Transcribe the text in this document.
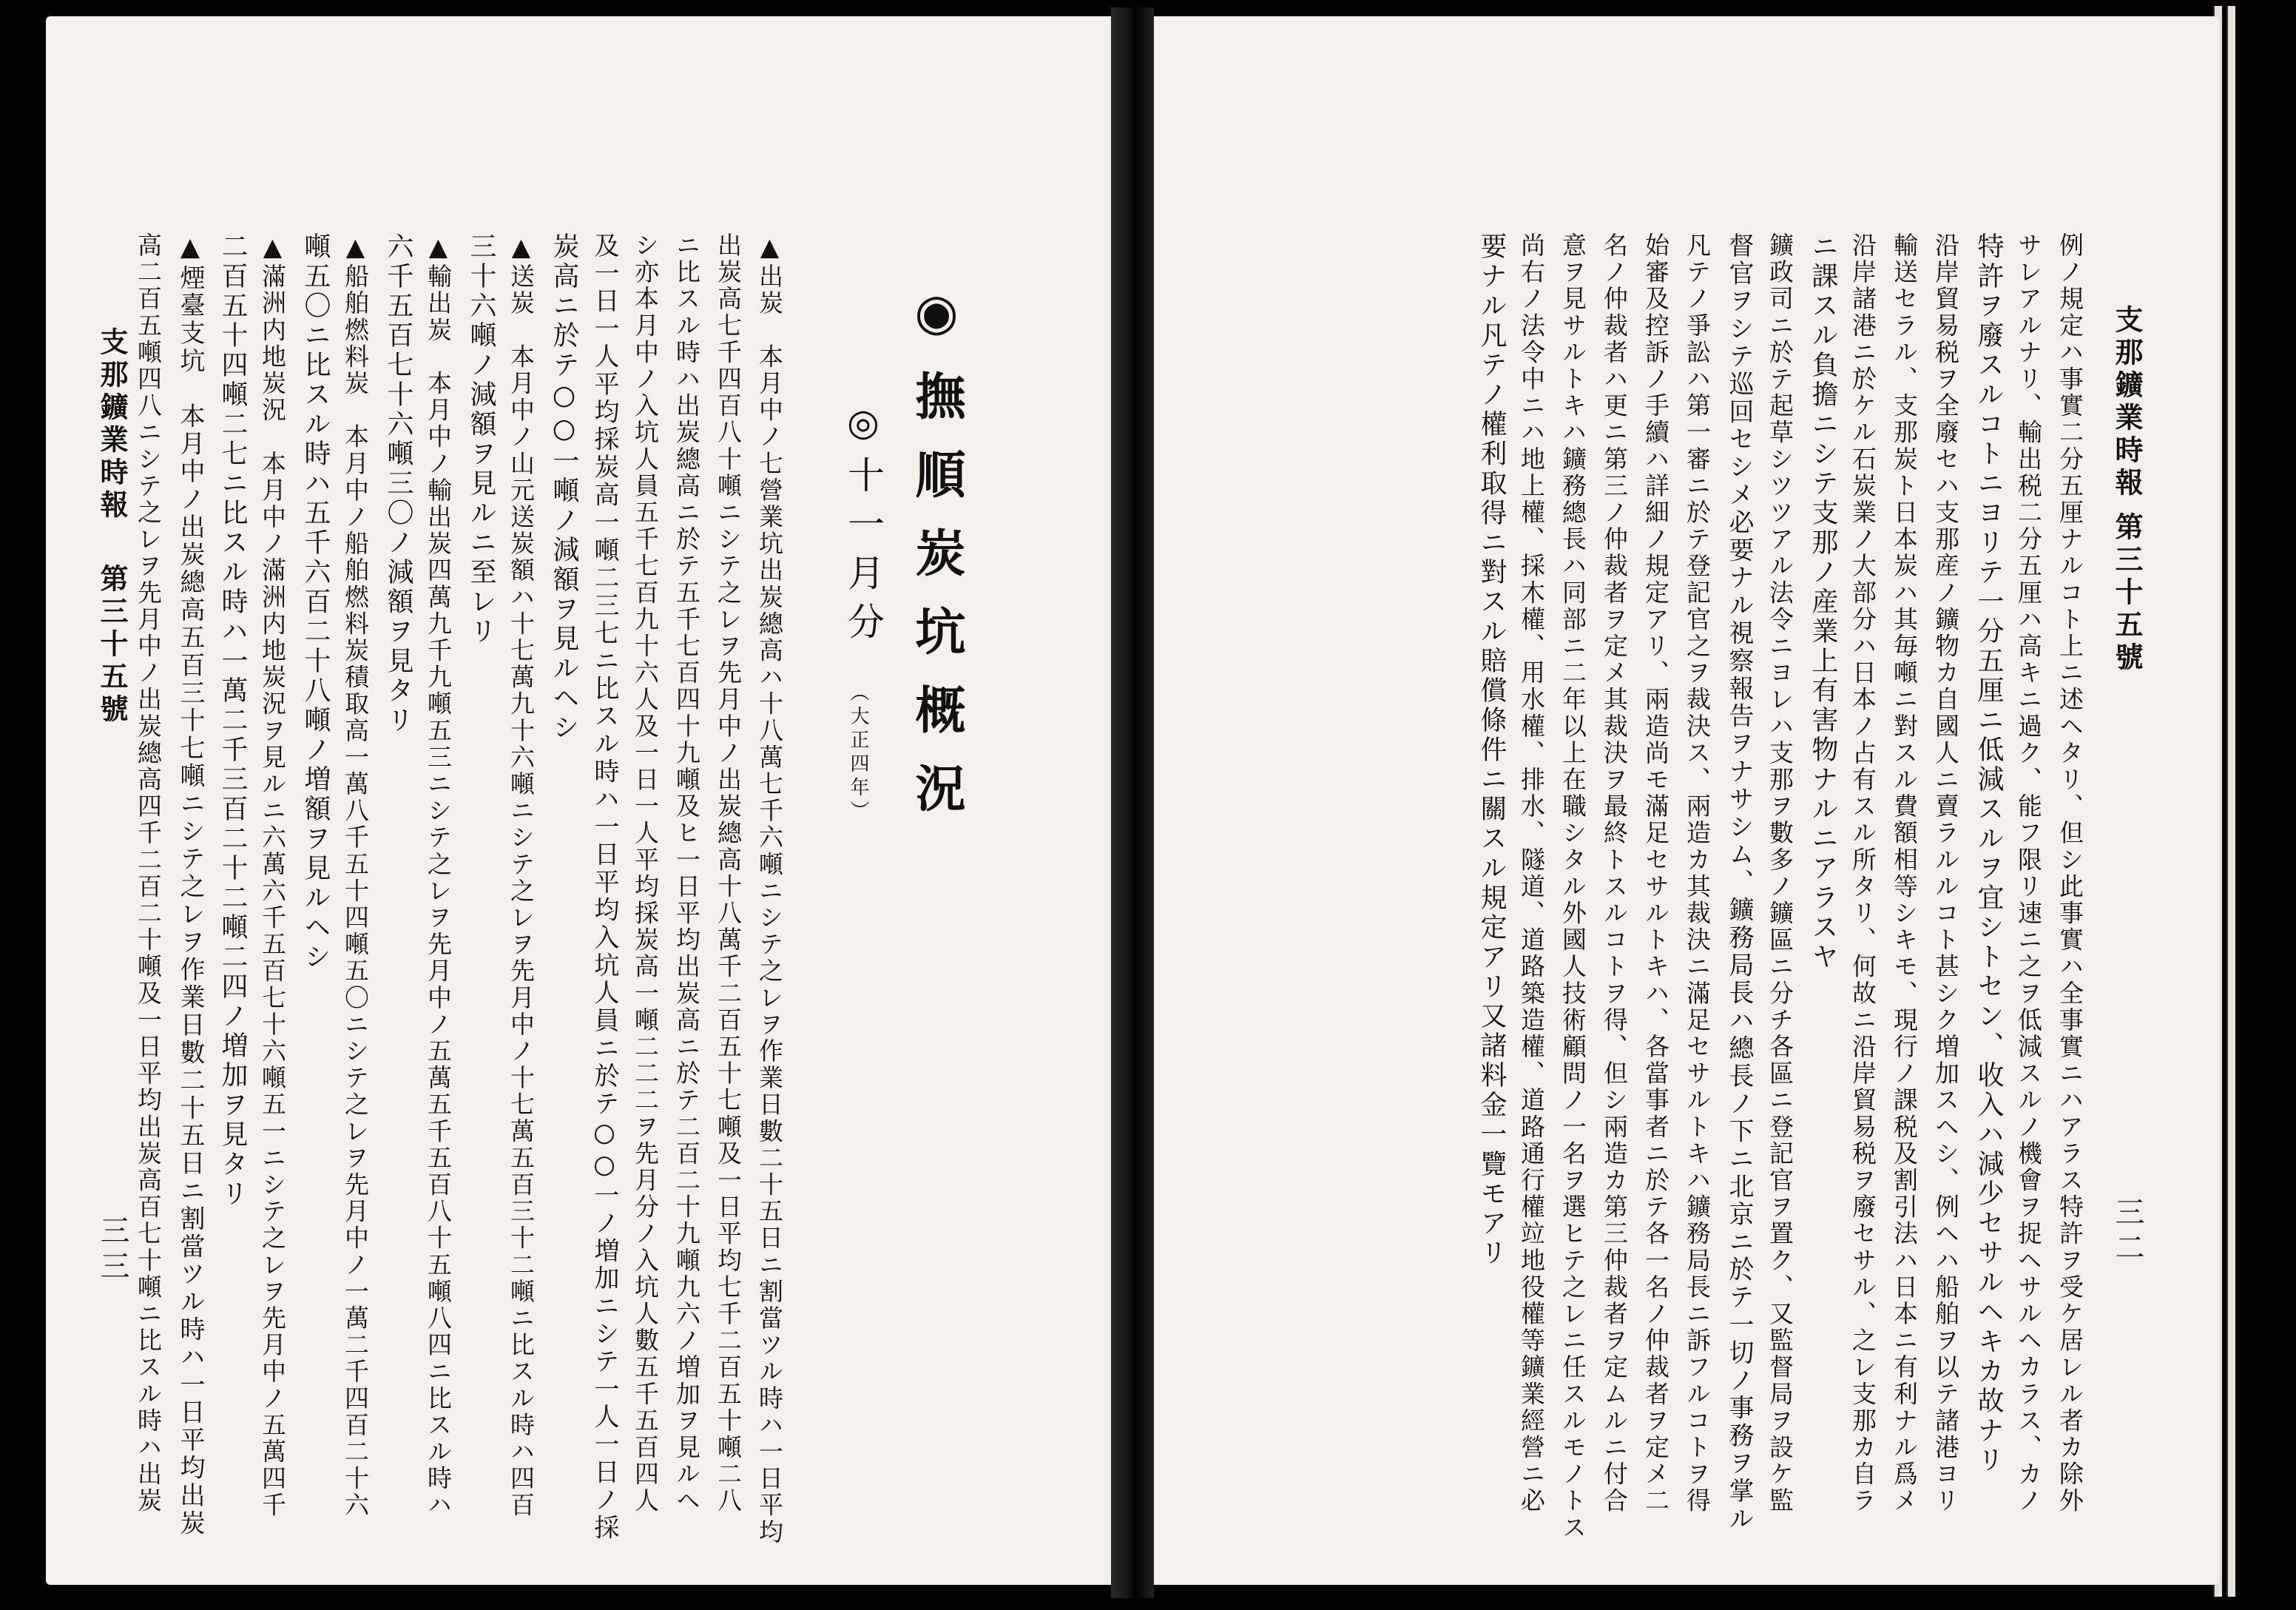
◉撫順炭坑概況
◎十一月分
（大正四年）
▲出炭　本月中ノ七營業坑出炭總高ハ十八萬七千六噸ニシテ之レヲ作業日數二十五日ニ割當ツル時ハ一日平均
出炭高七千四百八十噸ニシテ之レヲ先月中ノ出炭總高十八萬千二百五十七噸及一日平均七千二百五十噸二八
ニ比スル時ハ出炭總高ニ於テ五千七百四十九噸及ヒ一日平均出炭高ニ於テ二百二十九噸九六ノ増加ヲ見ルヘ
シ亦本月中ノ入坑人員五千七百九十六人及一日一人平均採炭高一噸二二二ヲ先月分ノ入坑人數五千五百四人
及一日一人平均採炭高一噸二三七ニ比スル時ハ一日平均入坑人員ニ於テ○○一ノ増加ニシテ一人一日ノ採
炭高ニ於テ○○一噸ノ減額ヲ見ルヘシ
▲送炭　本月中ノ山元送炭額ハ十七萬九十六噸ニシテ之レヲ先月中ノ十七萬五百三十二噸ニ比スル時ハ四百
三十六噸ノ減額ヲ見ルニ至レリ
▲輸出炭　本月中ノ輸出炭四萬九千九噸五三ニシテ之レヲ先月中ノ五萬五千五百八十五噸八四ニ比スル時ハ
六千五百七十六噸三〇ノ減額ヲ見タリ
▲船舶燃料炭　本月中ノ船舶燃料炭積取高一萬八千五十四噸五〇ニシテ之レヲ先月中ノ一萬二千四百二十六
噸五〇ニ比スル時ハ五千六百二十八噸ノ増額ヲ見ルヘシ
▲滿洲内地炭況　本月中ノ滿洲内地炭況ヲ見ルニ六萬六千五百七十六噸五一ニシテ之レヲ先月中ノ五萬四千
二百五十四噸二七ニ比スル時ハ一萬二千三百二十二噸二四ノ増加ヲ見タリ
▲煙臺支坑　本月中ノ出炭總高五百三十七噸ニシテ之レヲ作業日數二十五日ニ割當ツル時ハ一日平均出炭
高二百五噸四八ニシテ之レヲ先月中ノ出炭總高四千二百二十噸及一日平均出炭高百七十噸ニ比スル時ハ出炭
支那鑛業時報
第三十五號
三三
支那鑛業時報
第三十五號
三二
例ノ規定ハ事實二分五厘ナルコト上ニ述ヘタリ、但シ此事實ハ全事實ニハアラス特許ヲ受ケ居レル者カ除外
サレアルナリ、輸出税二分五厘ハ高キニ過ク、能フ限リ速ニ之ヲ低減スルノ機會ヲ捉ヘサルヘカラス、カノ
特許ヲ廢スルコトニヨリテ一分五厘ニ低減スルヲ宜シトセン、收入ハ減少セサルヘキカ故ナリ
沿岸貿易税ヲ全廢セハ支那産ノ鑛物カ自國人ニ賣ラルルコト甚シク増加スヘシ、例ヘハ船舶ヲ以テ諸港ヨリ
輸送セラル、支那炭ト日本炭ハ其毎噸ニ對スル費額相等シキモ、現行ノ課税及割引法ハ日本ニ有利ナル爲メ
沿岸諸港ニ於ケル石炭業ノ大部分ハ日本ノ占有スル所タリ、何故ニ沿岸貿易税ヲ廢セサル、之レ支那カ自ラ
ニ課スル負擔ニシテ支那ノ産業上有害物ナルニアラスヤ
鑛政司ニ於テ起草シツツアル法令ニヨレハ支那ヲ數多ノ鑛區ニ分チ各區ニ登記官ヲ置ク、又監督局ヲ設ケ監
督官ヲシテ巡回セシメ必要ナル視察報告ヲナサシム、鑛務局長ハ總長ノ下ニ北京ニ於テ一切ノ事務ヲ掌ル
凡テノ爭訟ハ第一審ニ於テ登記官之ヲ裁決ス、兩造カ其裁決ニ滿足セサルトキハ鑛務局長ニ訴フルコトヲ得
始審及控訴ノ手續ハ詳細ノ規定アリ、兩造尚モ滿足セサルトキハ、各當事者ニ於テ各一名ノ仲裁者ヲ定メ二
名ノ仲裁者ハ更ニ第三ノ仲裁者ヲ定メ其裁決ヲ最終トスルコトヲ得、但シ兩造カ第三仲裁者ヲ定ムルニ付合
意ヲ見サルトキハ鑛務總長ハ同部ニ二年以上在職シタル外國人技術顧問ノ一名ヲ選ヒテ之レニ任スルモノトス
尚右ノ法令中ニハ地上權、採木權、用水權、排水、隧道、道路築造權、道路通行權竝地役權等鑛業經營ニ必
要ナル凡テノ權利取得ニ對スル賠償條件ニ關スル規定アリ又諸料金一覽モアリ
